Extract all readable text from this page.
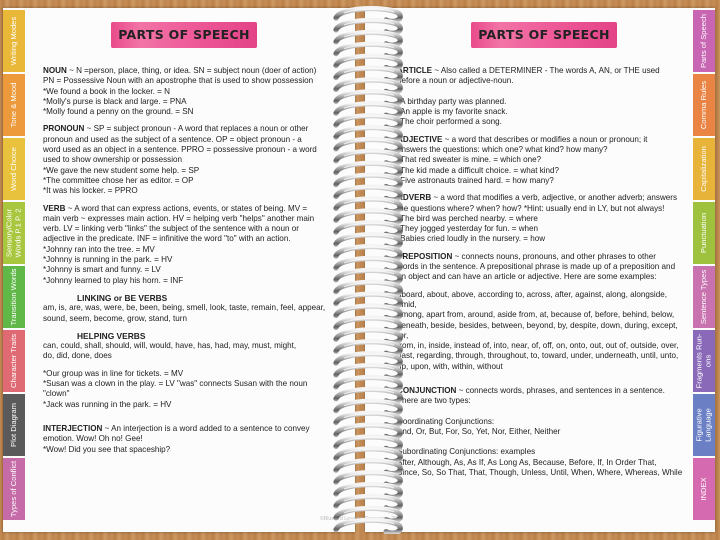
Writing Modes
Tone & Mood
Word Choice
Sensory/Color Words P.1 P. 2
Transition Words
Character Traits
Plot Diagram
Types of Conflict
PARTS OF SPEECH

NOUN ~ N =person, place, thing, or idea. SN = subject noun (doer of action)
PN = Possessive Noun with an apostrophe that is used to show possession
*We found a book in the locker. = N
*Molly's purse is black and large. = PNA
*Molly found a penny on the ground. = SN

PRONOUN ~ SP = subject pronoun - A word that replaces a noun or other
pronoun and used as the subject of a sentence. OP = object pronoun - a
word used as an object in a sentence. PPRO = possessive pronoun - a word
used to show ownership or possession
*We gave the new student some help. = SP
*The committee chose her as editor. = OP
*It was his locker. = PPRO

VERB ~ A word that can express actions, events, or states of being. MV =
main verb ~ expresses main action. HV = helping verb "helps" another main
verb. LV = linking verb "links" the subject of the sentence with a noun or
adjective in the predicate. INF = infinitive the word "to" with an action.
*Johnny ran into the tree. = MV
*Johnny is running in the park. = HV
*Johnny is smart and funny. = LV
*Johnny learned to play his horn. = INF

LINKING or BE VERBS
am, is, are, was, were, be, been, being, smell, look, taste, remain, feel, appear,
sound, seem, become, grow, stand, turn

HELPING VERBS
can, could, shall, should, will, would, have, has, had, may, must, might,
do, did, done, does

*Our group was in line for tickets. = MV
*Susan was a clown in the play. = LV "was" connects Susan with the noun
"clown"
*Jack was running in the park. = HV

INTERJECTION ~ An interjection is a word added to a sentence to convey
emotion. Wow! Oh no! Gee!
*Wow! Did you see that spaceship?

Parts of Speech
Comma Rules
Capitalization
Punctuation
Sentence Types
Fragments Run-ons
Figurative Language
INDEX
PARTS OF SPEECH

ARTICLE ~ Also called a DETERMINER - The words A, AN, or THE used
before a noun or adjective-noun.

*A birthday party was planned.
*An apple is my favorite snack.
*The choir performed a song.

ADJECTIVE ~ a word that describes or modifies a noun or pronoun; it
answers the questions: which one? what kind? how many?
*That red sweater is mine. = which one?
*The kid made a difficult choice. = what kind?
*Five astronauts trained hard. = how many?

ADVERB ~ a word that modifies a verb, adjective, or another adverb; answers
the questions where? when? how? *Hint: usually end in LY, but not always!
*The bird was perched nearby. = where
*They jogged yesterday for fun. = when
*Babies cried loudly in the nursery. = how

PREPOSITION ~ connects nouns, pronouns, and other phrases to other
words in the sentence. A prepositional phrase is made up of a preposition and
an object and can have an article or adjective. Here are some examples:

aboard, about, above, according to, across, after, against, along, alongside, amid,
among, apart from, around, aside from, at, because of, before, behind, below,
beneath, beside, besides, between, beyond, by, despite, down, during, except, for,
from, in, inside, instead of, into, near, of, off, on, onto, out, out of, outside, over,
past, regarding, through, throughout, to, toward, under, underneath, until, unto,
up, upon, with, within, without

CONJUNCTION ~ connects words, phrases, and sentences in a sentence.
There are two types:

Coordinating Conjunctions:
And, Or, But, For, So, Yet, Nor, Either, Neither

Subordinating Conjunctions: examples
After, Although, As, As If, As Long As, Because, Before, If, In Order That,
Since, So, So That, That, Though, Unless, Until, When, Where, Whereas, While

©Bluebird Lessons Resources 2016
